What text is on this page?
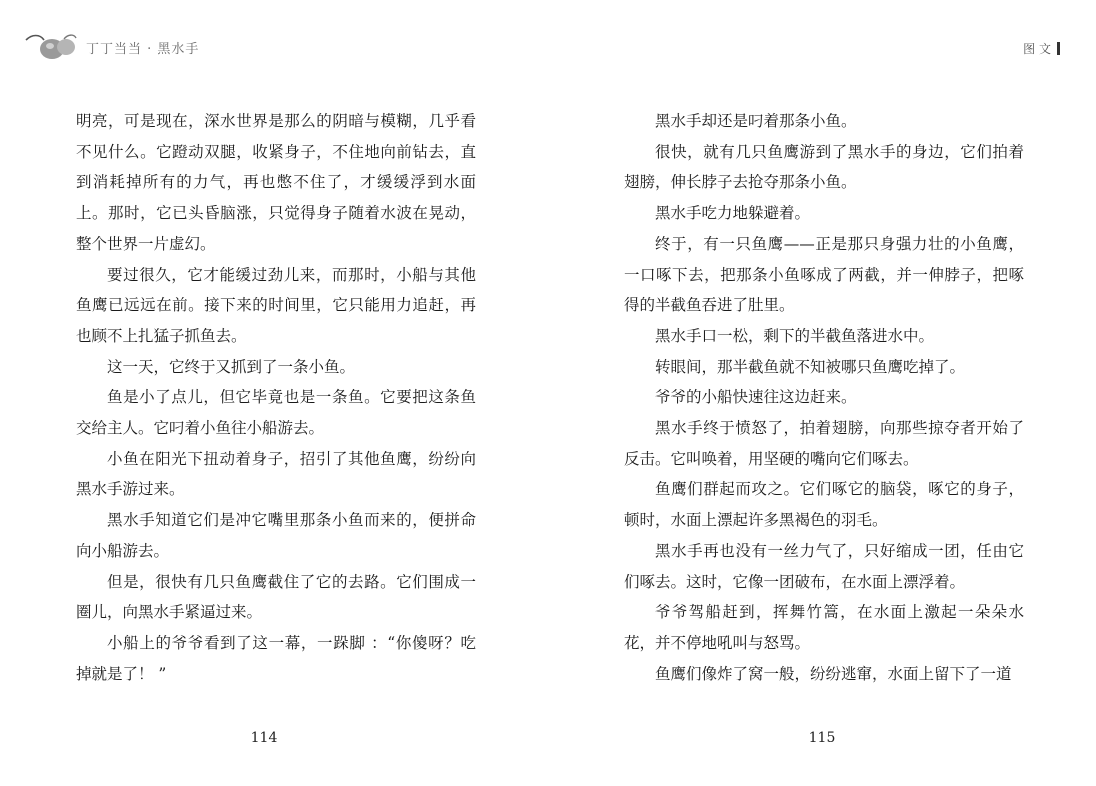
丁丁当当 · 黑水手

明亮，可是现在，深水世界是那么的阴暗与模糊，几乎看不见什么。它蹬动双腿，收紧身子，不住地向前钻去，直到消耗掉所有的力气，再也憋不住了，才缓缓浮到水面上。那时，它已头昏脑涨，只觉得身子随着水波在晃动，整个世界一片虚幻。

要过很久，它才能缓过劲儿来，而那时，小船与其他鱼鹰已远远在前。接下来的时间里，它只能用力追赶，再也顾不上扎猛子抓鱼去。

这一天，它终于又抓到了一条小鱼。

鱼是小了点儿，但它毕竟也是一条鱼。它要把这条鱼交给主人。它叼着小鱼往小船游去。

小鱼在阳光下扭动着身子，招引了其他鱼鹰，纷纷向黑水手游过来。

黑水手知道它们是冲它嘴里那条小鱼而来的，便拼命向小船游去。

但是，很快有几只鱼鹰截住了它的去路。它们围成一圈儿，向黑水手紧逼过来。

小船上的爷爷看到了这一幕，一跺脚 ：“你傻呀？吃掉就是了！ ”

114
图 文

黑水手却还是叼着那条小鱼。

很快，就有几只鱼鹰游到了黑水手的身边，它们拍着翅膀，伸长脖子去抢夺那条小鱼。

黑水手吃力地躲避着。

终于，有一只鱼鹰——正是那只身强力壮的小鱼鹰，一口啄下去，把那条小鱼啄成了两截，并一伸脖子，把啄得的半截鱼吞进了肚里。

黑水手口一松，剩下的半截鱼落进水中。

转眼间，那半截鱼就不知被哪只鱼鹰吃掉了。

爷爷的小船快速往这边赶来。

黑水手终于愤怒了，拍着翅膀，向那些掠夺者开始了反击。它叫唤着，用坚硬的嘴向它们啄去。

鱼鹰们群起而攻之。它们啄它的脑袋，啄它的身子，顿时，水面上漂起许多黑褐色的羽毛。

黑水手再也没有一丝力气了，只好缩成一团，任由它们啄去。这时，它像一团破布，在水面上漂浮着。

爷爷驾船赶到，挥舞竹篙，在水面上激起一朵朵水花，并不停地吼叫与怒骂。

鱼鹰们像炸了窝一般，纷纷逃窜，水面上留下了一道

115
